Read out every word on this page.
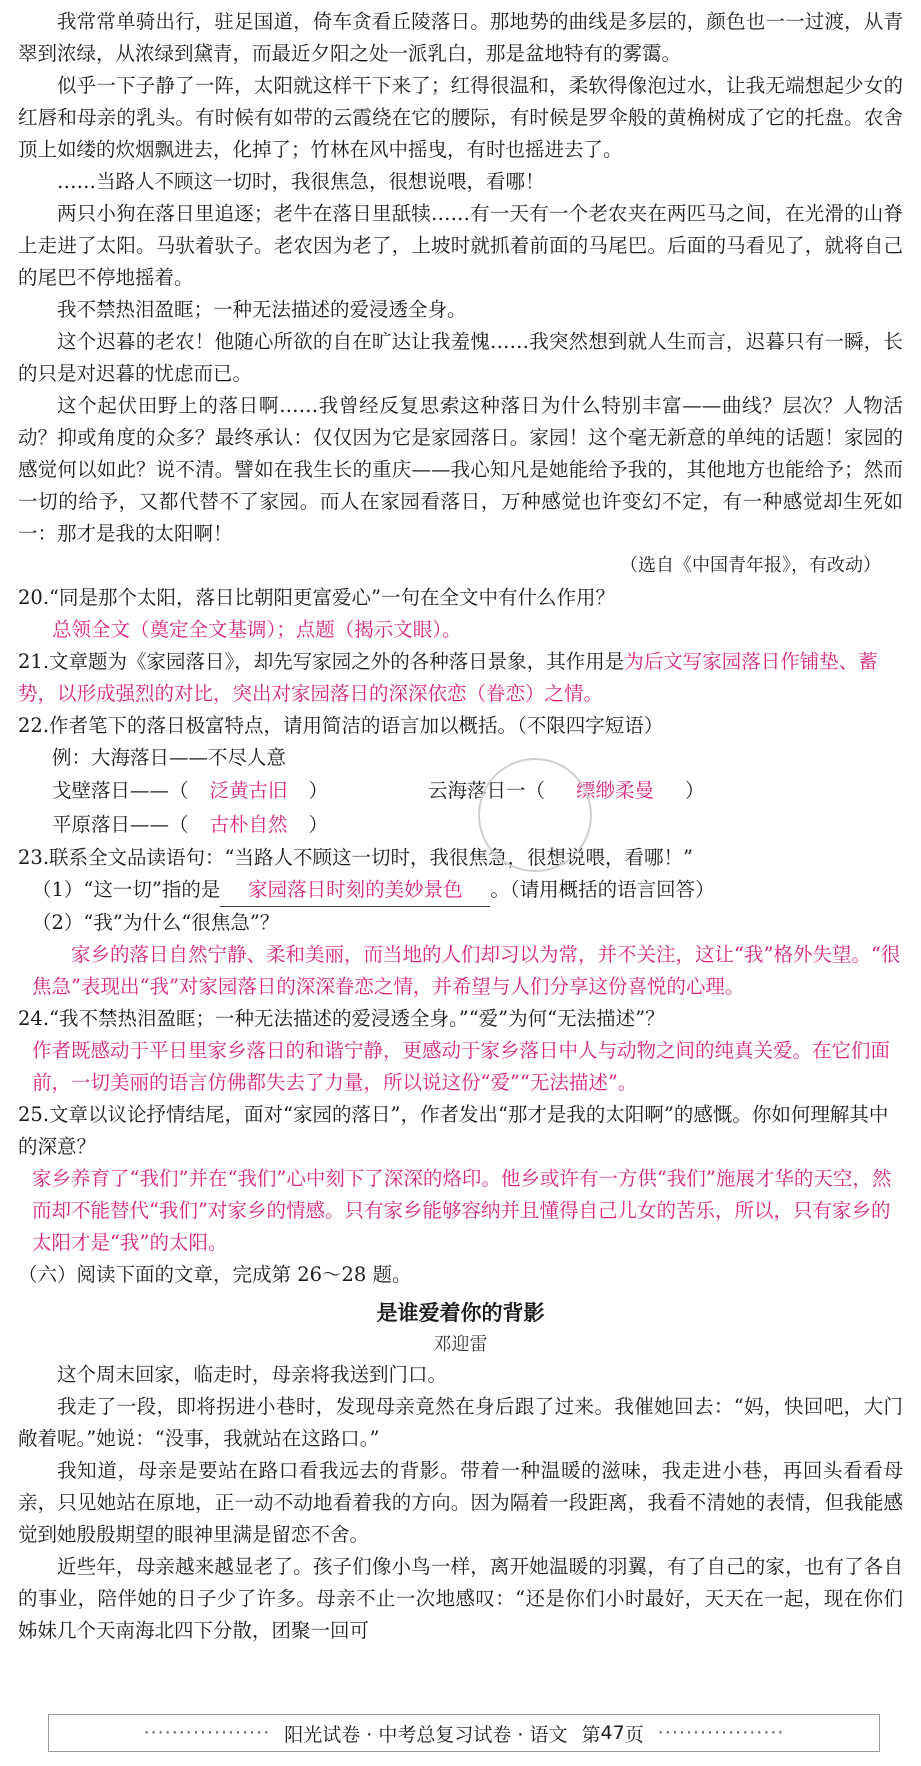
我常常单骑出行，驻足国道，倚车贪看丘陵落日。那地势的曲线是多层的，颜色也一一过渡，从青翠到浓绿，从浓绿到黛青，而最近夕阳之处一派乳白，那是盆地特有的雾霭。

似乎一下子静了一阵，太阳就这样干下来了；红得很温和，柔软得像泡过水，让我无端想起少女的红唇和母亲的乳头。有时候有如带的云霞绕在它的腰际，有时候是罗伞般的黄桷树成了它的托盘。农舍顶上如缕的炊烟飘进去，化掉了；竹林在风中摇曳，有时也摇进去了。

……当路人不顾这一切时，我很焦急，很想说喂，看哪！

两只小狗在落日里追逐；老牛在落日里舐犊……有一天有一个老农夹在两匹马之间，在光滑的山脊上走进了太阳。马驮着驮子。老农因为老了，上坡时就抓着前面的马尾巴。后面的马看见了，就将自己的尾巴不停地摇着。

我不禁热泪盈眶；一种无法描述的爱浸透全身。

这个迟暮的老农！他随心所欲的自在旷达让我羞愧……我突然想到就人生而言，迟暮只有一瞬，长的只是对迟暮的忧虑而已。

这个起伏田野上的落日啊……我曾经反复思索这种落日为什么特别丰富——曲线？层次？人物活动？抑或角度的众多？最终承认：仅仅因为它是家园落日。家园！这个毫无新意的单纯的话题！家园的感觉何以如此？说不清。譬如在我生长的重庆——我心知凡是她能给予我的，其他地方也能给予；然而一切的给予，又都代替不了家园。而人在家园看落日，万种感觉也许变幻不定，有一种感觉却生死如一：那才是我的太阳啊！

（选自《中国青年报》，有改动）

20.“同是那个太阳，落日比朝阳更富爱心”一句在全文中有什么作用？

总领全文（奠定全文基调）；点题（揭示文眼）。

21.文章题为《家园落日》，却先写家园之外的各种落日景象，其作用是为后文写家园落日作铺垫、蓄势，以形成强烈的对比，突出对家园落日的深深依恋（眷恋）之情。

22.作者笔下的落日极富特点，请用简洁的语言加以概括。（不限四字短语）

例：大海落日——不尽人意

戈壁落日——（	泛黄古旧	）	云海落日一（	缥缈柔曼	）
平原落日——（	古朴自然	）

23.联系全文品读语句：“当路人不顾这一切时，我很焦急，很想说喂，看哪！”

（1）“这一切”指的是 家园落日时刻的美妙景色 。（请用概括的语言回答）

（2）“我”为什么“很焦急”？

家乡的落日自然宁静、柔和美丽，而当地的人们却习以为常，并不关注，这让“我”格外失望。“很焦急”表现出“我”对家园落日的深深眷恋之情，并希望与人们分享这份喜悦的心理。

24.“我不禁热泪盈眶；一种无法描述的爱浸透全身。”“爱”为何“无法描述”？

作者既感动于平日里家乡落日的和谐宁静，更感动于家乡落日中人与动物之间的纯真关爱。在它们面前，一切美丽的语言仿佛都失去了力量，所以说这份“爱”“无法描述”。

25.文章以议论抒情结尾，面对“家园的落日”，作者发出“那才是我的太阳啊”的感慨。你如何理解其中的深意？

家乡养育了“我们”并在“我们”心中刻下了深深的烙印。他乡或许有一方供“我们”施展才华的天空，然而却不能替代“我们”对家乡的情感。只有家乡能够容纳并且懂得自己儿女的苦乐，所以，只有家乡的太阳才是“我”的太阳。

（六）阅读下面的文章，完成第 26～28 题。

是谁爱着你的背影

邓迎雷

这个周末回家，临走时，母亲将我送到门口。

我走了一段，即将拐进小巷时，发现母亲竟然在身后跟了过来。我催她回去：“妈，快回吧，大门敞着呢。”她说：“没事，我就站在这路口。”

我知道，母亲是要站在路口看我远去的背影。带着一种温暖的滋味，我走进小巷，再回头看看母亲，只见她站在原地，正一动不动地看着我的方向。因为隔着一段距离，我看不清她的表情，但我能感觉到她殷殷期望的眼神里满是留恋不舍。

近些年，母亲越来越显老了。孩子们像小鸟一样，离开她温暖的羽翼，有了自己的家，也有了各自的事业，陪伴她的日子少了许多。母亲不止一次地感叹：“还是你们小时最好，天天在一起，现在你们姊妹几个天南海北四下分散，团聚一回可

·················· 阳光试卷 · 中考总复习试卷 · 语文 第 47 页 ··················
